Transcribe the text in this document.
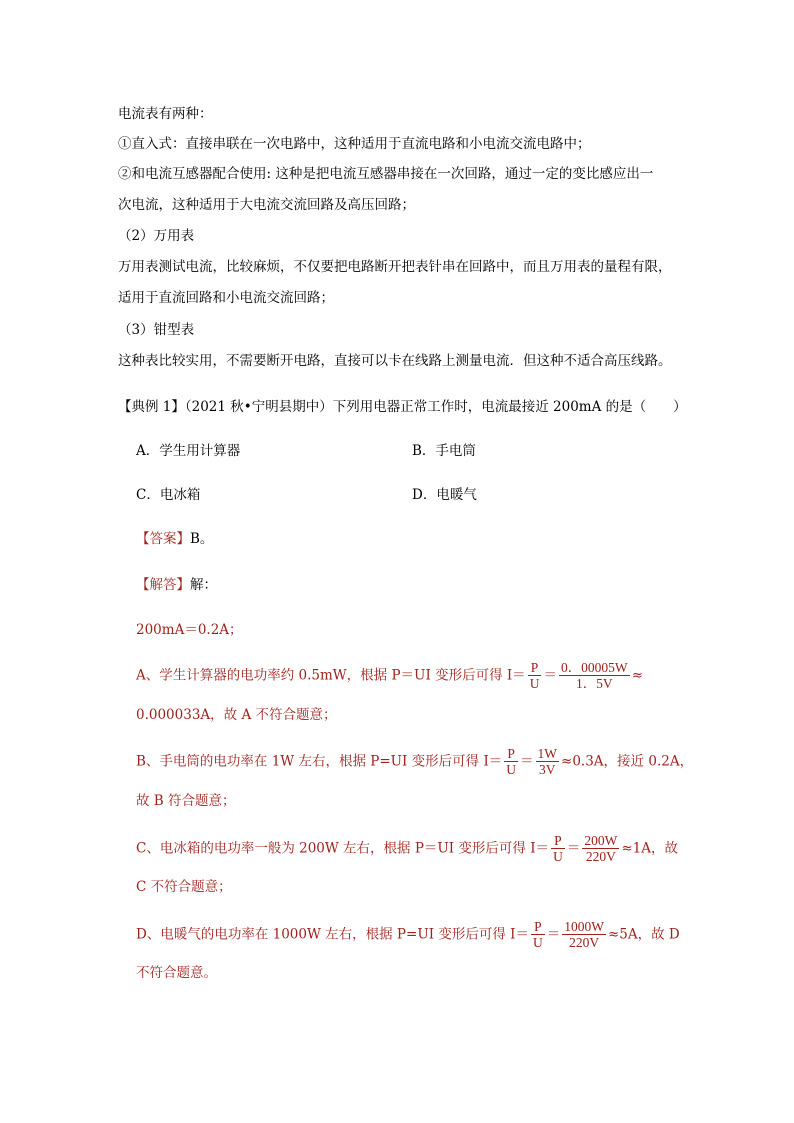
电流表有两种：
①直入式：直接串联在一次电路中，这种适用于直流电路和小电流交流电路中；
②和电流互感器配合使用: 这种是把电流互感器串接在一次回路，通过一定的变比感应出一
次电流，这种适用于大电流交流回路及高压回路；
（2）万用表
万用表测试电流，比较麻烦，不仅要把电路断开把表针串在回路中，而且万用表的量程有限，
适用于直流回路和小电流交流回路；
（3）钳型表
这种表比较实用，不需要断开电路，直接可以卡在线路上测量电流．但这种不适合高压线路。
【典例 1】（2021 秋•宁明县期中）下列用电器正常工作时，电流最接近 200mA 的是（　　）
A．学生用计算器	B．手电筒
C．电冰箱	D．电暖气
【答案】B。
【解答】解：
200mA＝0.2A；
A、学生计算器的电功率约 0.5mW，根据 P＝UI 变形后可得 $I= \frac{P}{U} = \frac{0.00005W}{1.5V}$ ≈
0.000033A，故 A 不符合题意；
B、手电筒的电功率在 1W 左右，根据 P=UI 变形后可得 $I= \frac{P}{U} = \frac{1W}{3V} \approx 0.3A$，接近 0.2A，
故 B 符合题意；
C、电冰箱的电功率一般为 200W 左右，根据 P＝UI 变形后可得 $I= \frac{P}{U} = \frac{200W}{220V} \approx 1A$，故
C 不符合题意；
D、电暖气的电功率在 1000W 左右，根据 P=UI 变形后可得 $I= \frac{P}{U} = \frac{1000W}{220V} \approx 5A$，故 D
不符合题意。
